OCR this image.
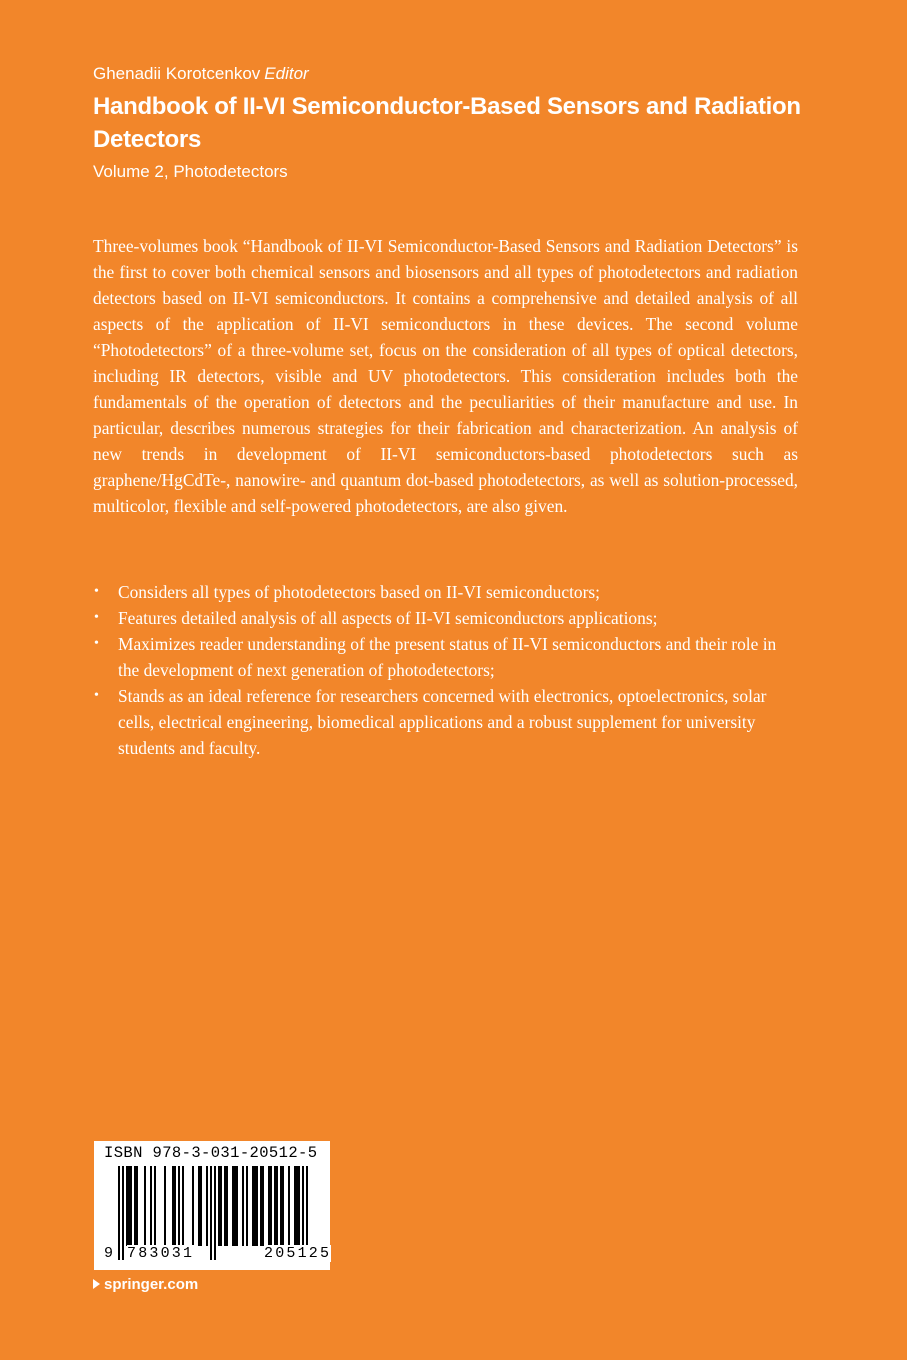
Ghenadii Korotcenkov Editor
Handbook of II-VI Semiconductor-Based Sensors and Radiation Detectors
Volume 2, Photodetectors

Three-volumes book “Handbook of II-VI Semiconductor-Based Sensors and Radiation Detectors” is the first to cover both chemical sensors and biosensors and all types of photodetectors and radiation detectors based on II-VI semiconductors. It contains a comprehensive and detailed analysis of all aspects of the application of II-VI semiconductors in these devices. The second volume “Photodetectors” of a three-volume set, focus on the consideration of all types of optical detectors, including IR detectors, visible and UV photodetectors. This consideration includes both the fundamentals of the operation of detectors and the peculiarities of their manufacture and use. In particular, describes numerous strategies for their fabrication and characterization. An analysis of new trends in development of II-VI semiconductors-based photodetectors such as graphene/HgCdTe-, nanowire- and quantum dot-based photodetectors, as well as solution-processed, multicolor, flexible and self-powered photodetectors, are also given.

• Considers all types of photodetectors based on II-VI semiconductors;
• Features detailed analysis of all aspects of II-VI semiconductors applications;
• Maximizes reader understanding of the present status of II-VI semiconductors and their role in the development of next generation of photodetectors;
• Stands as an ideal reference for researchers concerned with electronics, optoelectronics, solar cells, electrical engineering, biomedical applications and a robust supplement for university students and faculty.
ISBN 978-3-031-20512-5
9 783031	205125
springer.com
